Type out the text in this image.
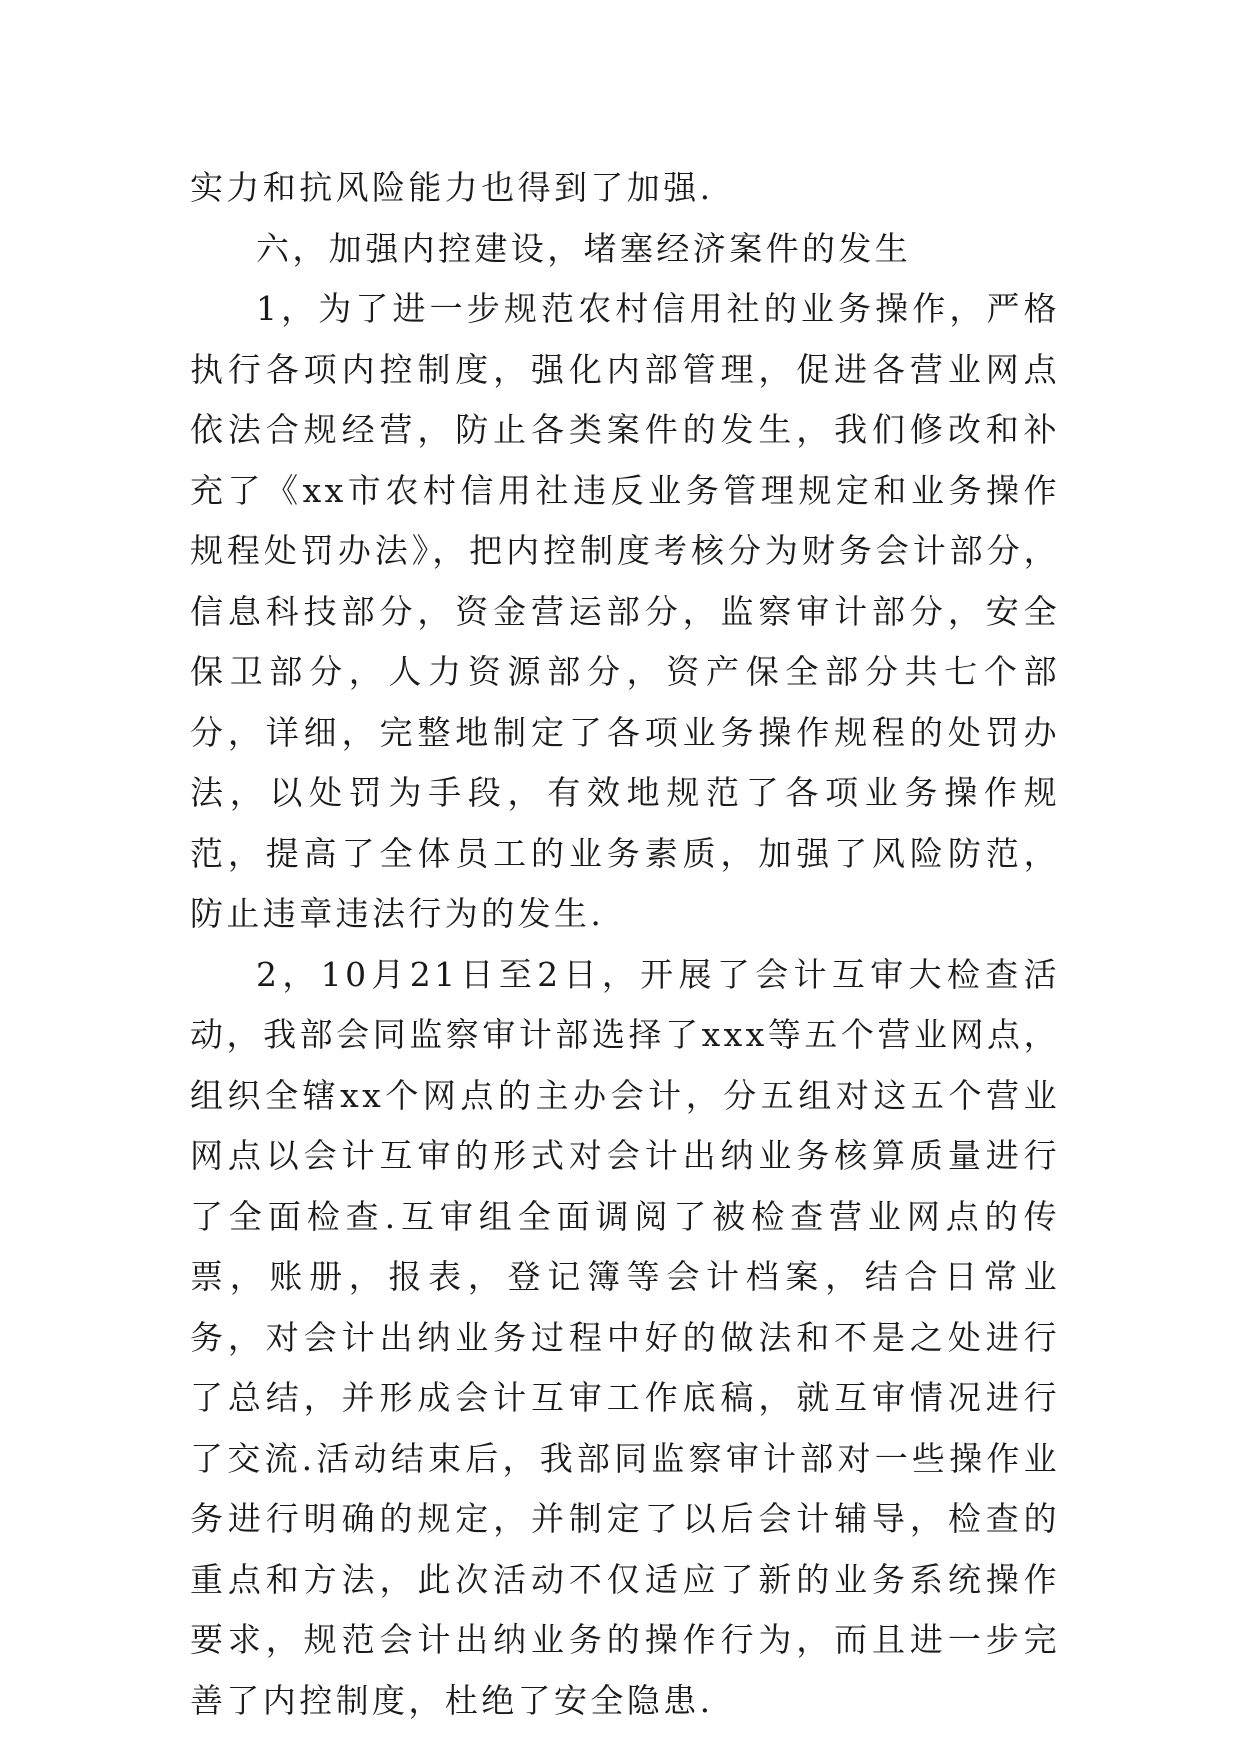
实力和抗风险能力也得到了加强.

六，加强内控建设，堵塞经济案件的发生

1，为了进一步规范农村信用社的业务操作，严格执行各项内控制度，强化内部管理，促进各营业网点依法合规经营，防止各类案件的发生，我们修改和补充了《xx市农村信用社违反业务管理规定和业务操作规程处罚办法》，把内控制度考核分为财务会计部分，信息科技部分，资金营运部分，监察审计部分，安全保卫部分，人力资源部分，资产保全部分共七个部分，详细，完整地制定了各项业务操作规程的处罚办法，以处罚为手段，有效地规范了各项业务操作规范，提高了全体员工的业务素质，加强了风险防范，防止违章违法行为的发生.

2，10月21日至2日，开展了会计互审大检查活动，我部会同监察审计部选择了xxx等五个营业网点，组织全辖xx个网点的主办会计，分五组对这五个营业网点以会计互审的形式对会计出纳业务核算质量进行了全面检查.互审组全面调阅了被检查营业网点的传票，账册，报表，登记簿等会计档案，结合日常业务，对会计出纳业务过程中好的做法和不是之处进行了总结，并形成会计互审工作底稿，就互审情况进行了交流.活动结束后，我部同监察审计部对一些操作业务进行明确的规定，并制定了以后会计辅导，检查的重点和方法，此次活动不仅适应了新的业务系统操作要求，规范会计出纳业务的操作行为，而且进一步完善了内控制度，杜绝了安全隐患.
